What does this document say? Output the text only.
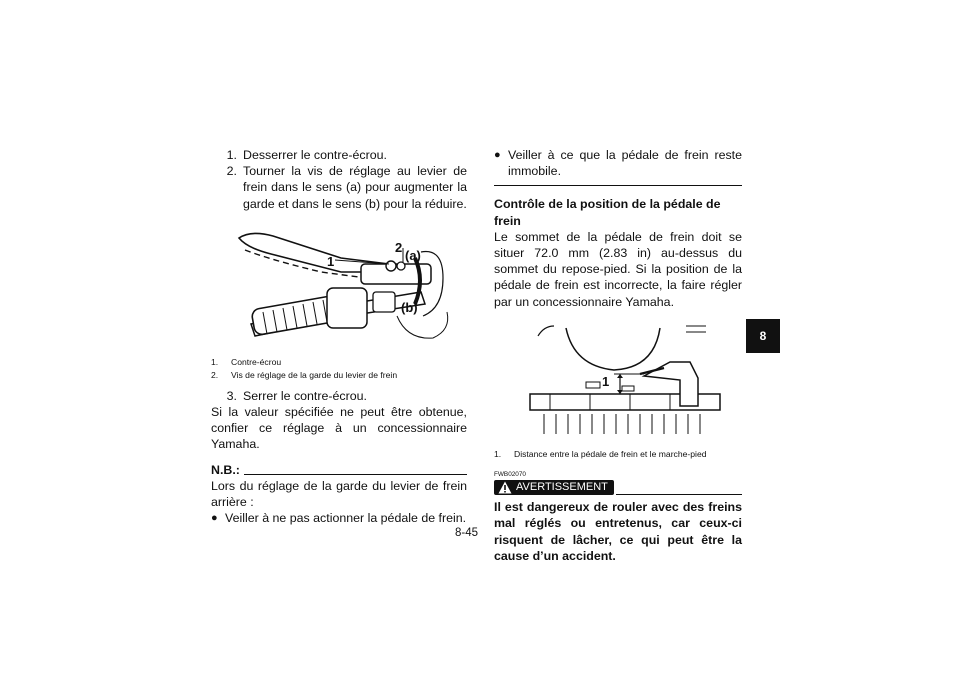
1. Desserrer le contre-écrou.
2. Tourner la vis de réglage au levier de frein dans le sens (a) pour augmenter la garde et dans le sens (b) pour la réduire.
1
2
(a)
(b)
1.	Contre-écrou
2.	Vis de réglage de la garde du levier de frein
3. Serrer le contre-écrou.

Si la valeur spécifiée ne peut être obtenue, confier ce réglage à un concessionnaire Yamaha.

N.B.:

Lors du réglage de la garde du levier de frein arrière :

● Veiller à ne pas actionner la pédale de frein.
● Veiller à ce que la pédale de frein reste immobile.
Contrôle de la position de la pédale de frein

Le sommet de la pédale de frein doit se situer 72.0 mm (2.83 in) au-dessus du sommet du repose-pied. Si la position de la pédale de frein est incorrecte, la faire régler par un concessionnaire Yamaha.

1
1.	Distance entre la pédale de frein et le marche-pied
FWB02070
AVERTISSEMENT

Il est dangereux de rouler avec des freins mal réglés ou entretenus, car ceux-ci risquent de lâcher, ce qui peut être la cause d’un accident.

8
8-45
